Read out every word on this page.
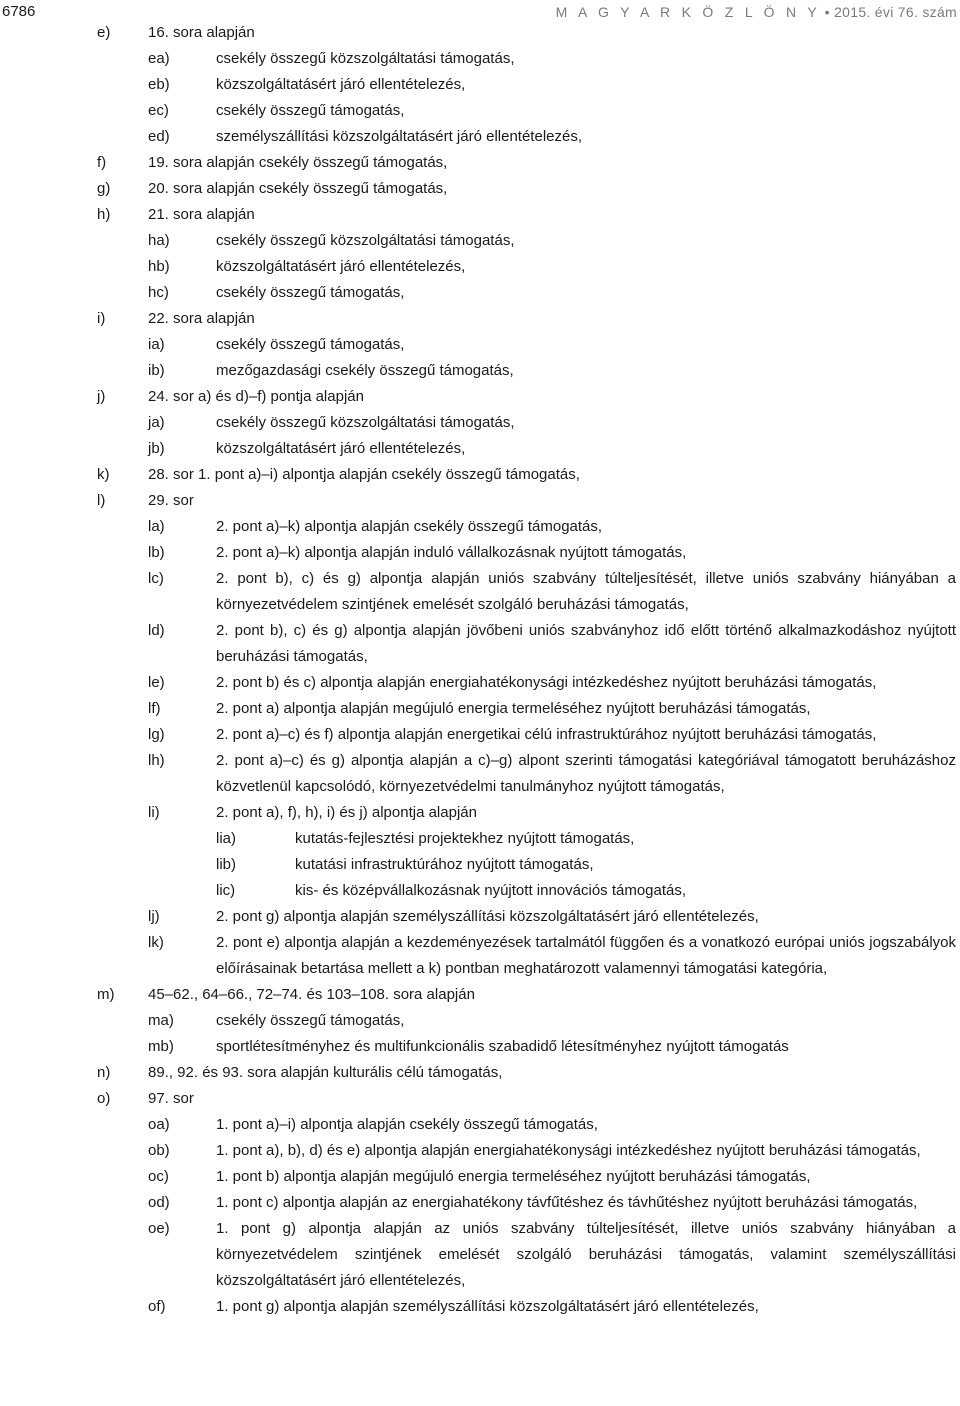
6786	M A G Y A R K Ö Z L Ö N Y • 2015. évi 76. szám
e)	16. sora alapján
ea)	csekély összegű közszolgáltatási támogatás,
eb)	közszolgáltatásért járó ellentételezés,
ec)	csekély összegű támogatás,
ed)	személyszállítási közszolgáltatásért járó ellentételezés,
f)	19. sora alapján csekély összegű támogatás,
g)	20. sora alapján csekély összegű támogatás,
h)	21. sora alapján
ha)	csekély összegű közszolgáltatási támogatás,
hb)	közszolgáltatásért járó ellentételezés,
hc)	csekély összegű támogatás,
i)	22. sora alapján
ia)	csekély összegű támogatás,
ib)	mezőgazdasági csekély összegű támogatás,
j)	24. sor a) és d)–f) pontja alapján
ja)	csekély összegű közszolgáltatási támogatás,
jb)	közszolgáltatásért járó ellentételezés,
k)	28. sor 1. pont a)–i) alpontja alapján csekély összegű támogatás,
l)	29. sor
la)	2. pont a)–k) alpontja alapján csekély összegű támogatás,
lb)	2. pont a)–k) alpontja alapján induló vállalkozásnak nyújtott támogatás,
lc)	2. pont b), c) és g) alpontja alapján uniós szabvány túlteljesítését, illetve uniós szabvány hiányában a környezetvédelem szintjének emelését szolgáló beruházási támogatás,
ld)	2. pont b), c) és g) alpontja alapján jövőbeni uniós szabványhoz idő előtt történő alkalmazkodáshoz nyújtott beruházási támogatás,
le)	2. pont b) és c) alpontja alapján energiahatékonysági intézkedéshez nyújtott beruházási támogatás,
lf)	2. pont a) alpontja alapján megújuló energia termeléséhez nyújtott beruházási támogatás,
lg)	2. pont a)–c) és f) alpontja alapján energetikai célú infrastruktúrához nyújtott beruházási támogatás,
lh)	2. pont a)–c) és g) alpontja alapján a c)–g) alpont szerinti támogatási kategóriával támogatott beruházáshoz közvetlenül kapcsolódó, környezetvédelmi tanulmányhoz nyújtott támogatás,
li)	2. pont a), f), h), i) és j) alpontja alapján
lia)	kutatás-fejlesztési projektekhez nyújtott támogatás,
lib)	kutatási infrastruktúrához nyújtott támogatás,
lic)	kis- és középvállalkozásnak nyújtott innovációs támogatás,
lj)	2. pont g) alpontja alapján személyszállítási közszolgáltatásért járó ellentételezés,
lk)	2. pont e) alpontja alapján a kezdeményezések tartalmától függően és a vonatkozó európai uniós jogszabályok előírásainak betartása mellett a k) pontban meghatározott valamennyi támogatási kategória,
m) 45–62., 64–66., 72–74. és 103–108. sora alapján
ma)	csekély összegű támogatás,
mb)	sportlétesítményhez és multifunkcionális szabadidő létesítményhez nyújtott támogatás
n)	89., 92. és 93. sora alapján kulturális célú támogatás,
o)	97. sor
oa)	1. pont a)–i) alpontja alapján csekély összegű támogatás,
ob)	1. pont a), b), d) és e) alpontja alapján energiahatékonysági intézkedéshez nyújtott beruházási támogatás,
oc)	1. pont b) alpontja alapján megújuló energia termeléséhez nyújtott beruházási támogatás,
od)	1. pont c) alpontja alapján az energiahatékony távfűtéshez és távhűtéshez nyújtott beruházási támogatás,
oe)	1. pont g) alpontja alapján az uniós szabvány túlteljesítését, illetve uniós szabvány hiányában a környezetvédelem szintjének emelését szolgáló beruházási támogatás, valamint személyszállítási közszolgáltatásért járó ellentételezés,
of)	1. pont g) alpontja alapján személyszállítási közszolgáltatásért járó ellentételezés,
